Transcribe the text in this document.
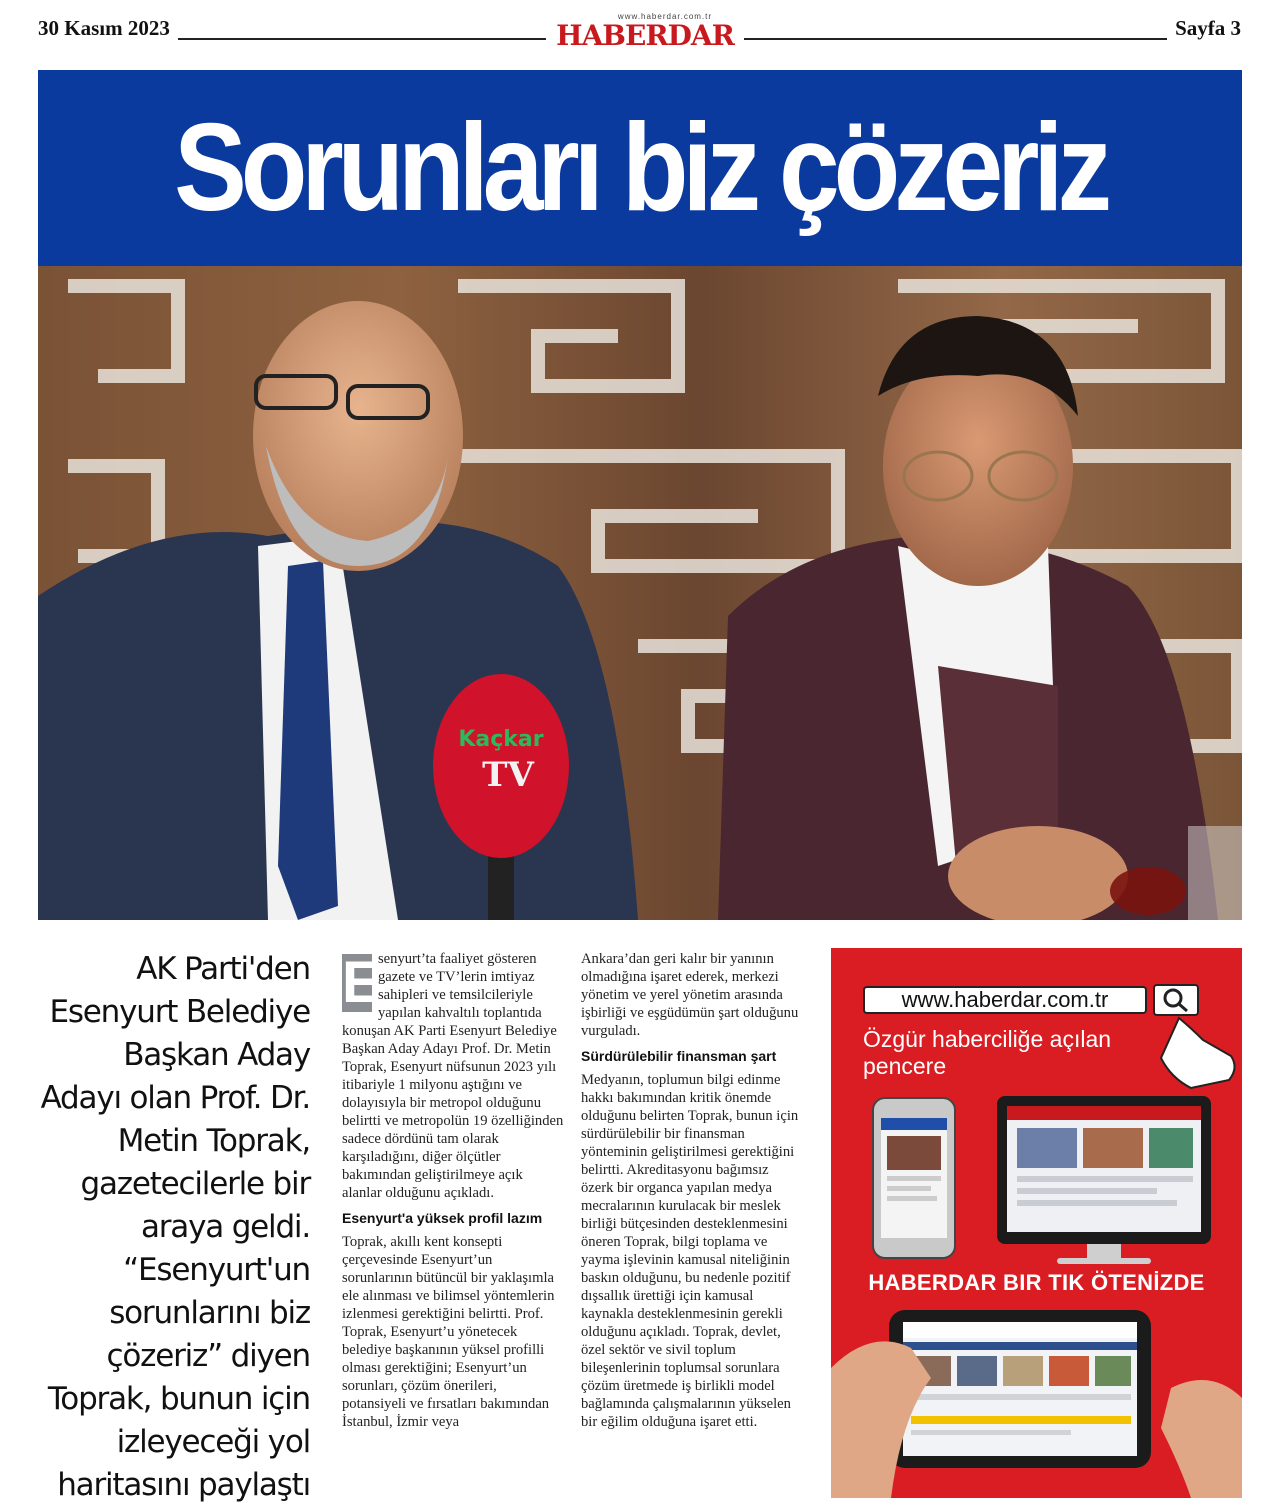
30 Kasım 2023	www.haberdar.com.tr
HABERDAR	Sayfa 3
Sorunları biz çözeriz
Kaçkar
TV
AK Parti'den Esenyurt Belediye Başkan Aday Adayı olan Prof. Dr. Metin Toprak, gazetecilerle bir araya geldi. “Esenyurt'un sorunlarını biz çözeriz” diyen Toprak, bunun için izleyeceği yol haritasını paylaştı
E

senyurt’ta faaliyet gösteren gazete ve TV’lerin imtiyaz sahipleri ve temsilcileriyle yapılan kahvaltılı toplantıda konuşan AK Parti Esenyurt Belediye Başkan Aday Adayı Prof. Dr. Metin Toprak, Esenyurt nüfsunun 2023 yılı itibariyle 1 milyonu aştığını ve dolayısıyla bir metropol olduğunu belirtti ve metropolün 19 özelliğinden sadece dördünü tam olarak karşıladığını, diğer ölçütler bakımından geliştirilmeye açık alanlar olduğunu açıkladı.

Esenyurt'a yüksek profil lazım

Toprak, akıllı kent konsepti çerçevesinde Esenyurt’un sorunlarının bütüncül bir yaklaşımla ele alınması ve bilimsel yöntemlerin izlenmesi gerektiğini belirtti. Prof. Toprak, Esenyurt’u yönetecek belediye başkanının yüksel profilli olması gerektiğini; Esenyurt’un sorunları, çözüm önerileri, potansiyeli ve fırsatları bakımından İstanbul, İzmir veya

Ankara’dan geri kalır bir yanının olmadığına işaret ederek, merkezi yönetim ve yerel yönetim arasında işbirliği ve eşgüdümün şart olduğunu vurguladı.

Sürdürülebilir finansman şart

Medyanın, toplumun bilgi edinme hakkı bakımından kritik önemde olduğunu belirten Toprak, bunun için sürdürülebilir bir finansman yönteminin geliştirilmesi gerektiğini belirtti. Akreditasyonu bağımsız özerk bir organca yapılan medya mecralarının kurulacak bir meslek birliği bütçesinden desteklenmesini öneren Toprak, bilgi toplama ve yayma işlevinin kamusal niteliğinin baskın olduğunu, bu nedenle pozitif dışsallık ürettiği için kamusal kaynakla desteklenmesinin gerekli olduğunu açıkladı. Toprak, devlet, özel sektör ve sivil toplum bileşenlerinin toplumsal sorunlara çözüm üretmede iş birlikli model bağlamında çalışmalarının yükselen bir eğilim olduğuna işaret etti.

www.haberdar.com.tr
Özgür haberciliğe açılan pencere
HABERDAR BIR TIK ÖTENİZDE
